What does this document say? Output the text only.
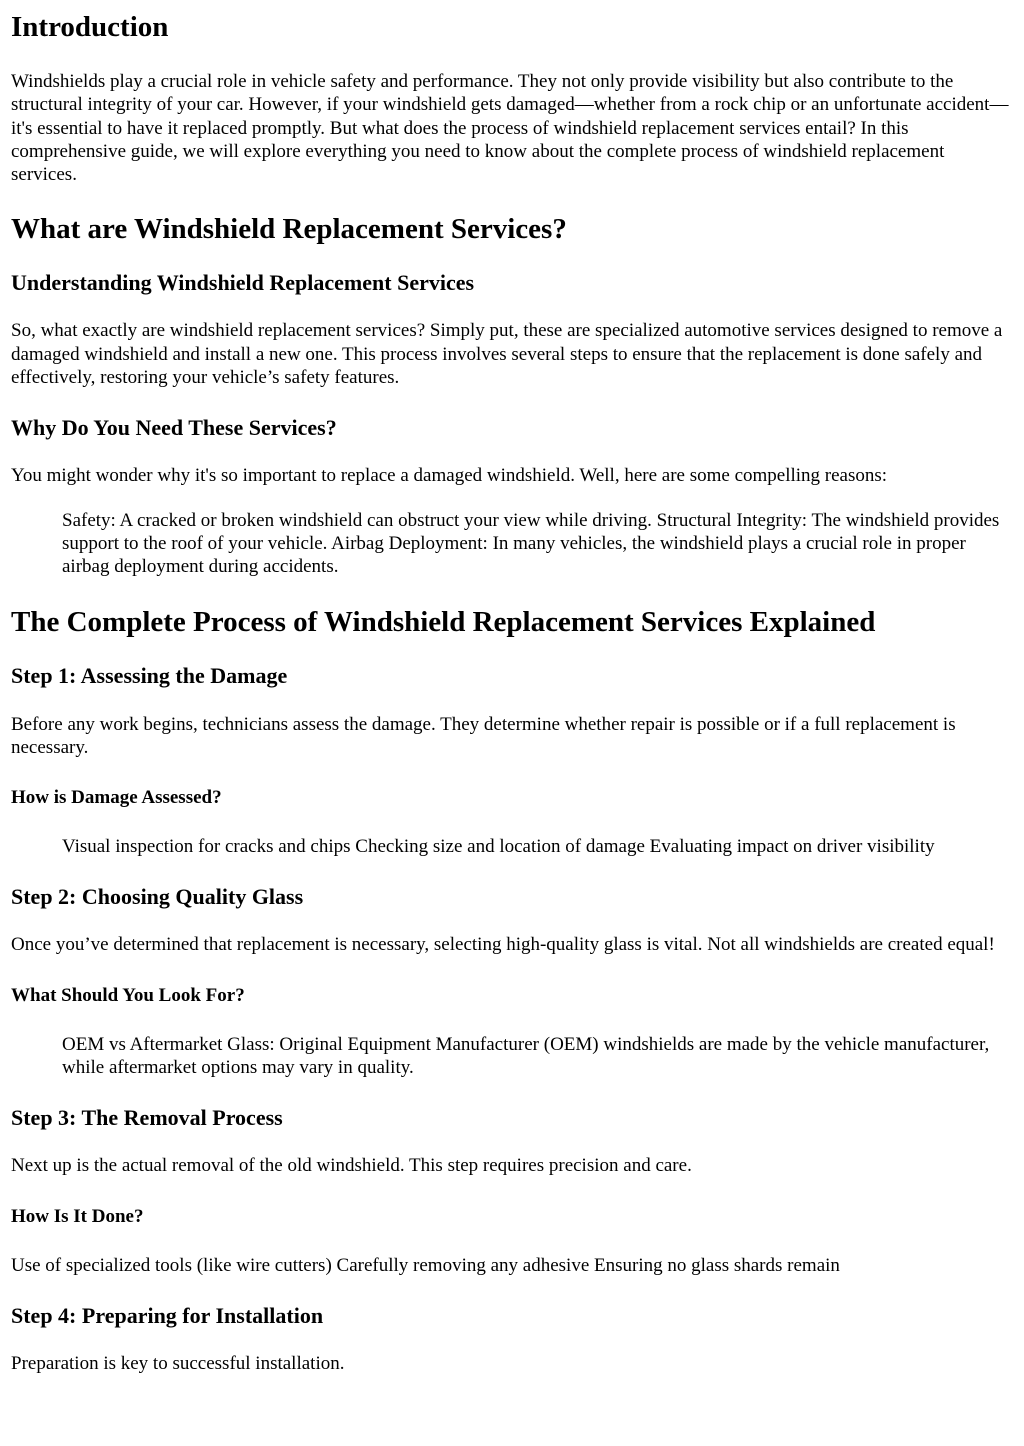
Introduction

Windshields play a crucial role in vehicle safety and performance. They not only provide visibility but also contribute to the structural integrity of your car. However, if your windshield gets damaged—whether from a rock chip or an unfortunate accident—it's essential to have it replaced promptly. But what does the process of windshield replacement services entail? In this comprehensive guide, we will explore everything you need to know about the complete process of windshield replacement services.

What are Windshield Replacement Services?
Understanding Windshield Replacement Services

So, what exactly are windshield replacement services? Simply put, these are specialized automotive services designed to remove a damaged windshield and install a new one. This process involves several steps to ensure that the replacement is done safely and effectively, restoring your vehicle’s safety features.

Why Do You Need These Services?

You might wonder why it's so important to replace a damaged windshield. Well, here are some compelling reasons:

Safety: A cracked or broken windshield can obstruct your view while driving. Structural Integrity: The windshield provides support to the roof of your vehicle. Airbag Deployment: In many vehicles, the windshield plays a crucial role in proper airbag deployment during accidents.

The Complete Process of Windshield Replacement Services Explained
Step 1: Assessing the Damage

Before any work begins, technicians assess the damage. They determine whether repair is possible or if a full replacement is necessary.

How is Damage Assessed?

Visual inspection for cracks and chips Checking size and location of damage Evaluating impact on driver visibility

Step 2: Choosing Quality Glass

Once you’ve determined that replacement is necessary, selecting high-quality glass is vital. Not all windshields are created equal!

What Should You Look For?

OEM vs Aftermarket Glass: Original Equipment Manufacturer (OEM) windshields are made by the vehicle manufacturer, while aftermarket options may vary in quality.

Step 3: The Removal Process

Next up is the actual removal of the old windshield. This step requires precision and care.

How Is It Done?

Use of specialized tools (like wire cutters) Carefully removing any adhesive Ensuring no glass shards remain

Step 4: Preparing for Installation

Preparation is key to successful installation.
